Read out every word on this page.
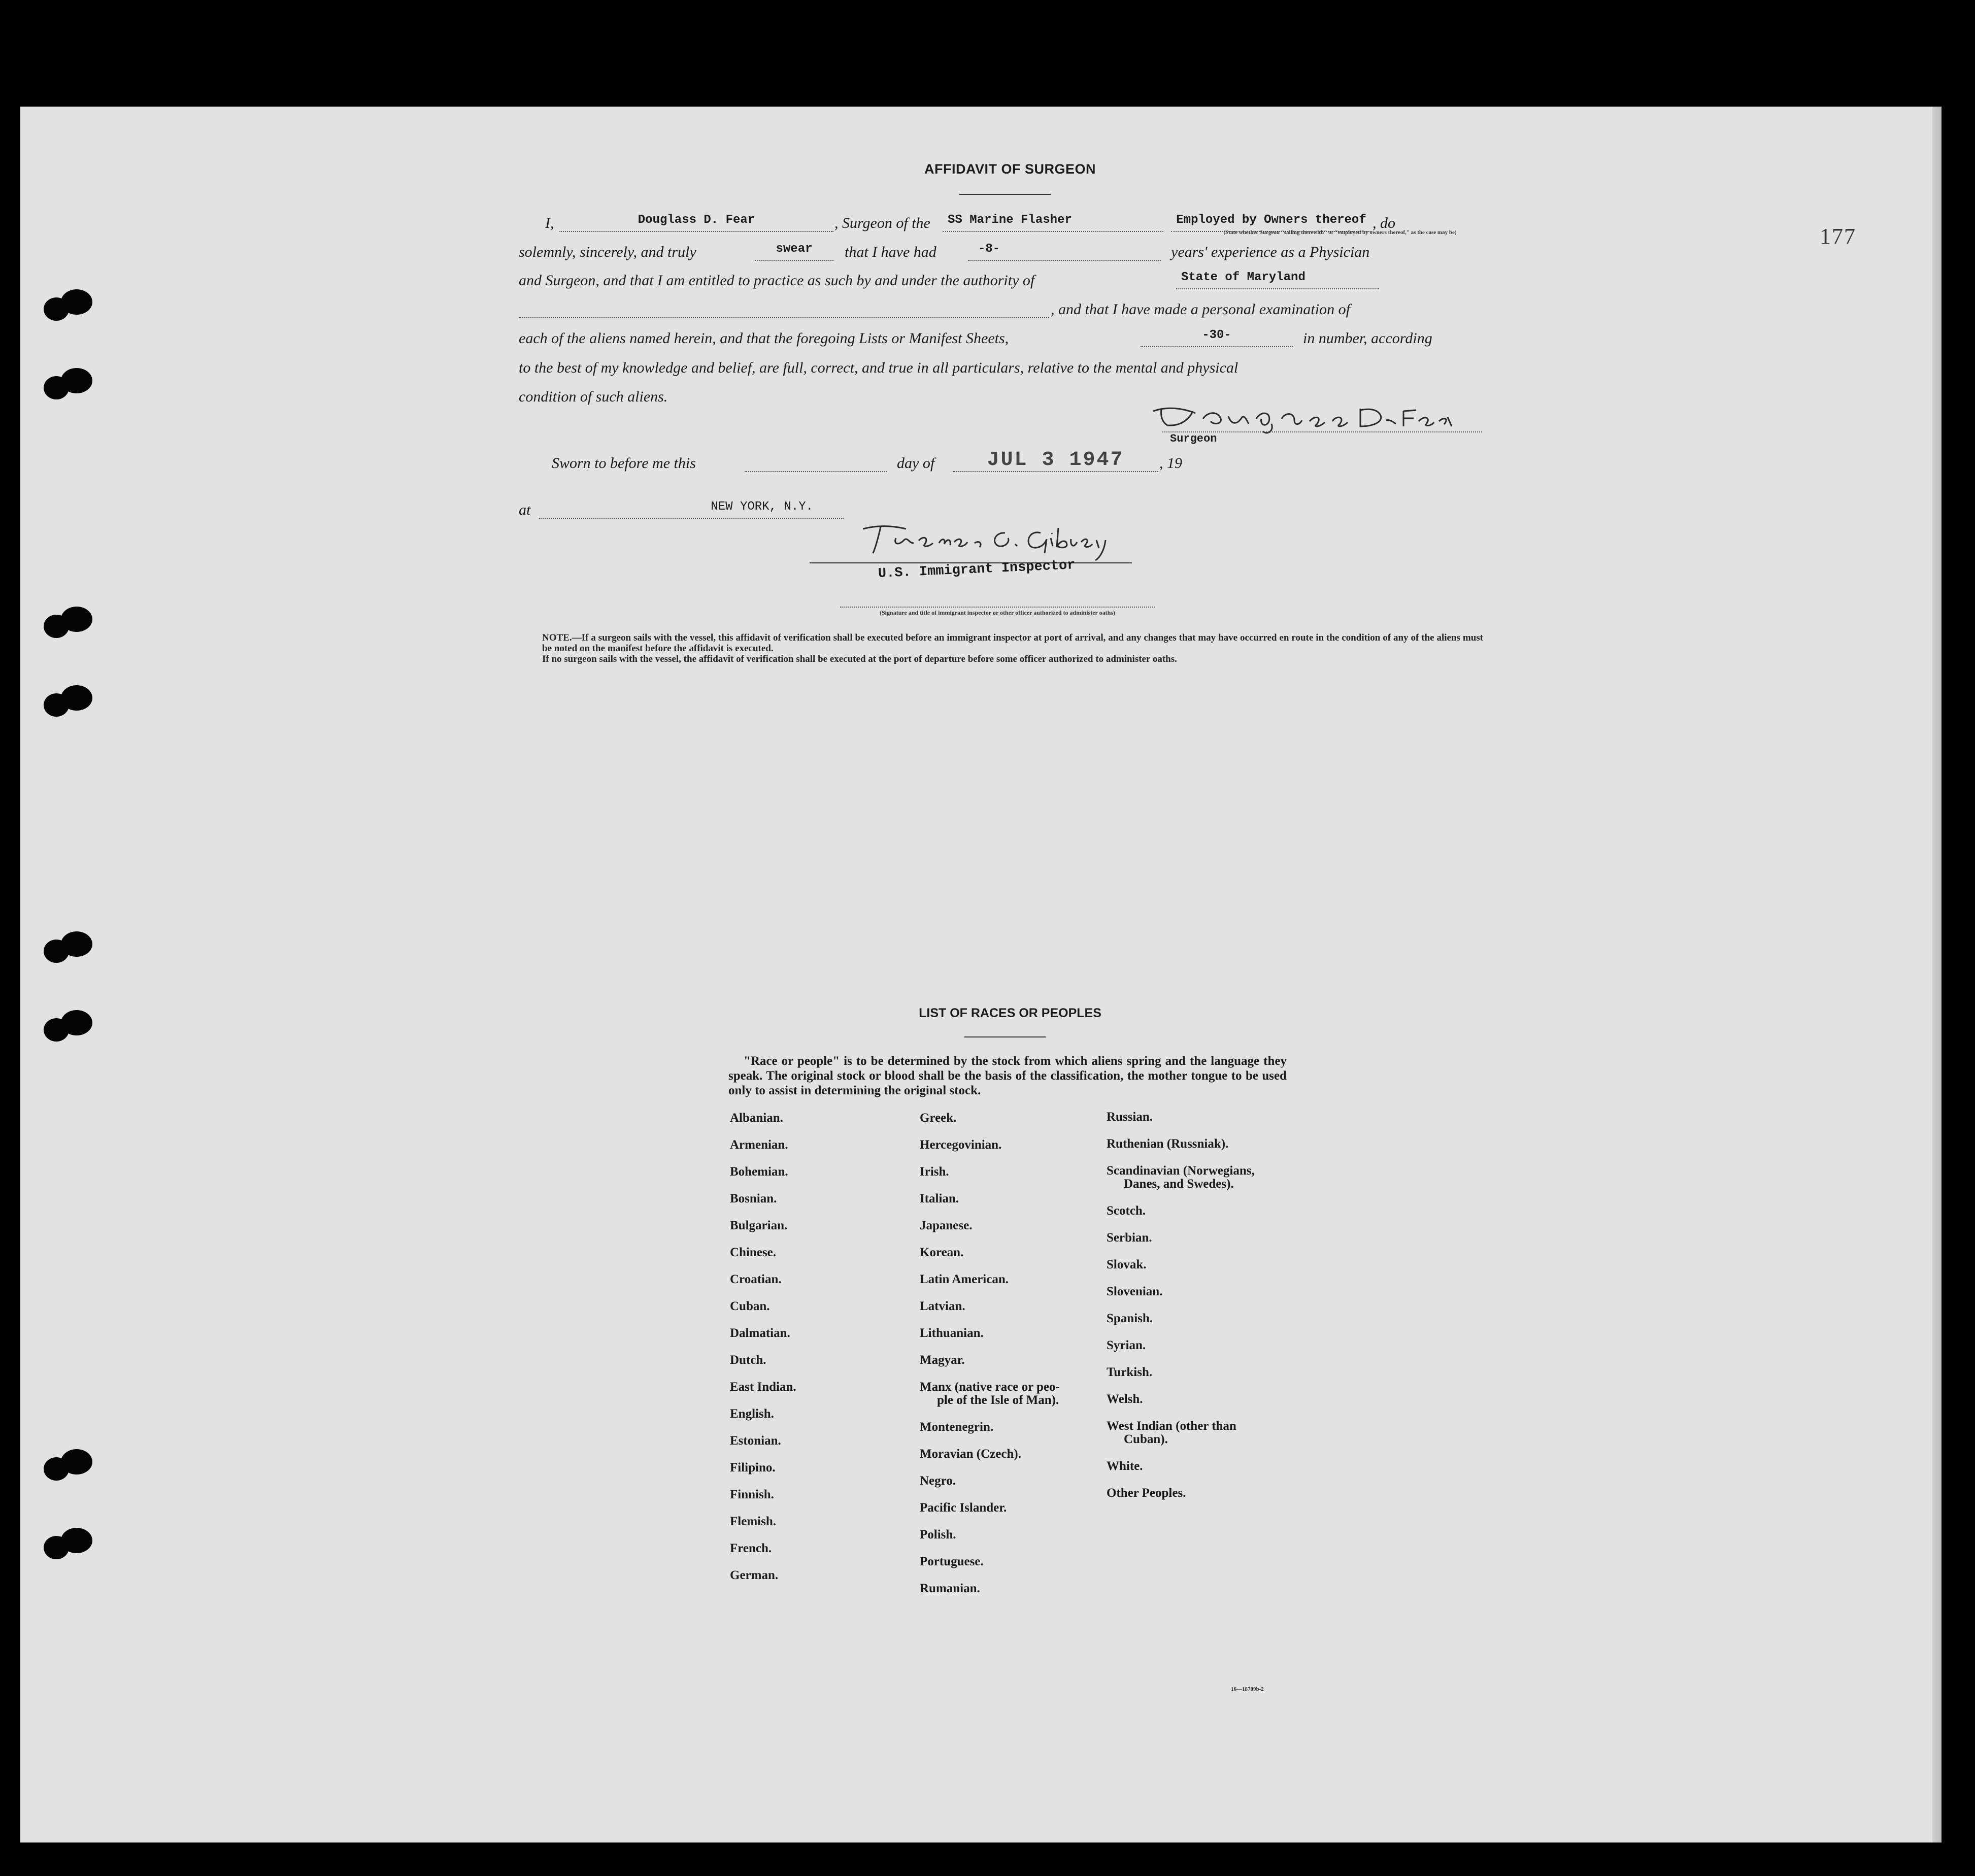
177
AFFIDAVIT OF SURGEON
I,	Douglass D. Fear	, Surgeon of the	SS Marine Flasher	Employed by Owners thereof , do
(State whether Surgeon "sailing therewith" or "employed by owners thereof," as the case may be)
solemnly, sincerely, and truly	swear	that I have had	-8-	years' experience as a Physician
and Surgeon, and that I am entitled to practice as such by and under the authority of	State of Maryland
, and that I have made a personal examination of
each of the aliens named herein, and that the foregoing Lists or Manifest Sheets,	-30-	in number, according
to the best of my knowledge and belief, are full, correct, and true in all particulars, relative to the mental and physical
condition of such aliens.
Surgeon
Sworn to before me this	day of	JUL 3 1947	, 19
at	NEW YORK, N.Y.
U.S. Immigrant Inspector
(Signature and title of immigrant inspector or other officer authorized to administer oaths)

NOTE.—If a surgeon sails with the vessel, this affidavit of verification shall be executed before an immigrant inspector at port of arrival, and any changes that may have occurred en route in the condition of any of the aliens must be noted on the manifest before the affidavit is executed.

If no surgeon sails with the vessel, the affidavit of verification shall be executed at the port of departure before some officer authorized to administer oaths.

LIST OF RACES OR PEOPLES

"Race or people" is to be determined by the stock from which aliens spring and the language they speak. The original stock or blood shall be the basis of the classification, the mother tongue to be used only to assist in determining the original stock.

Albanian.
Armenian.
Bohemian.
Bosnian.
Bulgarian.
Chinese.
Croatian.
Cuban.
Dalmatian.
Dutch.
East Indian.
English.
Estonian.
Filipino.
Finnish.
Flemish.
French.
German.
Greek.
Hercegovinian.
Irish.
Italian.
Japanese.
Korean.
Latin American.
Latvian.
Lithuanian.
Magyar.
Manx (native race or peo-
ple of the Isle of Man).
Montenegrin.
Moravian (Czech).
Negro.
Pacific Islander.
Polish.
Portuguese.
Rumanian.
Russian.
Ruthenian (Russniak).
Scandinavian (Norwegians,
Danes, and Swedes).
Scotch.
Serbian.
Slovak.
Slovenian.
Spanish.
Syrian.
Turkish.
Welsh.
West Indian (other than
Cuban).
White.
Other Peoples.
16—18709b-2
